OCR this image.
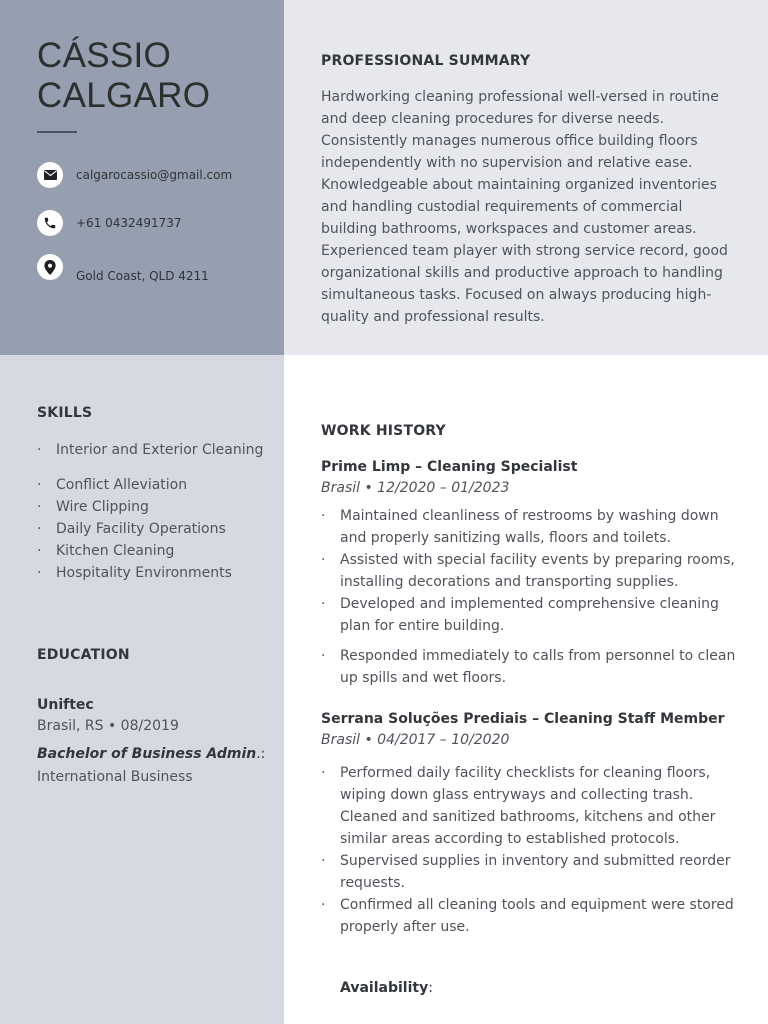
CÁSSIO
CALGARO
calgarocassio@gmail.com
+61 0432491737
Gold Coast, QLD 4211
PROFESSIONAL SUMMARY
Hardworking cleaning professional well-versed in routine and deep cleaning procedures for diverse needs. Consistently manages numerous office building floors independently with no supervision and relative ease. Knowledgeable about maintaining organized inventories and handling custodial requirements of commercial building bathrooms, workspaces and customer areas. Experienced team player with strong service record, good organizational skills and productive approach to handling simultaneous tasks. Focused on always producing high-quality and professional results.
SKILLS
· Interior and Exterior Cleaning
· Conflict Alleviation
· Wire Clipping
· Daily Facility Operations
· Kitchen Cleaning
· Hospitality Environments
EDUCATION
Uniftec
Brasil, RS • 08/2019
Bachelor of Business Admin.:
International Business
WORK HISTORY
Prime Limp – Cleaning Specialist
Brasil • 12/2020 – 01/2023
· Maintained cleanliness of restrooms by washing down and properly sanitizing walls, floors and toilets.
· Assisted with special facility events by preparing rooms, installing decorations and transporting supplies.
· Developed and implemented comprehensive cleaning plan for entire building.
· Responded immediately to calls from personnel to clean up spills and wet floors.
Serrana Soluções Prediais – Cleaning Staff Member
Brasil • 04/2017 – 10/2020
· Performed daily facility checklists for cleaning floors, wiping down glass entryways and collecting trash.
Cleaned and sanitized bathrooms, kitchens and other similar areas according to established protocols.
· Supervised supplies in inventory and submitted reorder requests.
· Confirmed all cleaning tools and equipment were stored properly after use.
Availability:
